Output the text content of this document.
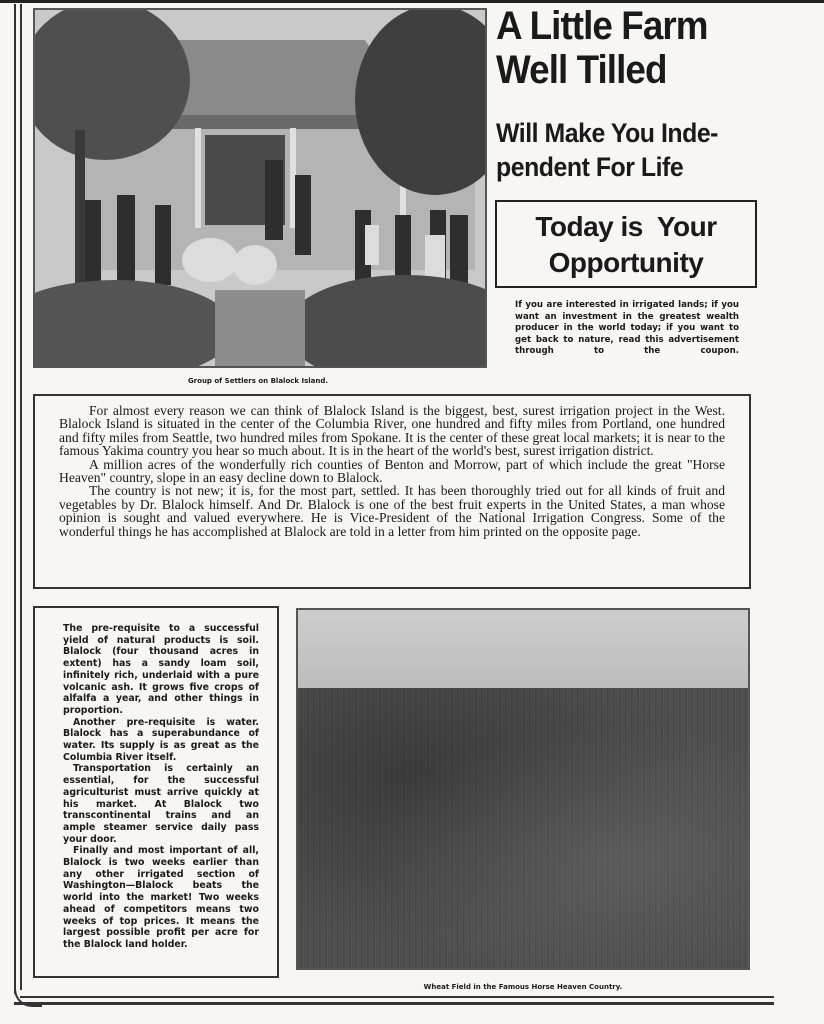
Group of Settlers on Blalock Island.
A Little Farm
Well Tilled
Will Make You Inde-
pendent For Life
Today is  Your
Opportunity
If you are interested in irrigated lands; if you want an investment in the greatest wealth producer in the world today; if you want to get back to nature, read this advertisement through to the coupon.

For almost every reason we can think of Blalock Island is the biggest, best, surest irrigation project in the West. Blalock Island is situated in the center of the Columbia River, one hundred and fifty miles from Portland, one hundred and fifty miles from Seattle, two hundred miles from Spokane. It is the center of these great local markets; it is near to the famous Yakima country you hear so much about. It is in the heart of the world's best, surest irrigation district.

A million acres of the wonderfully rich counties of Benton and Morrow, part of which include the great "Horse Heaven" country, slope in an easy decline down to Blalock.

The country is not new; it is, for the most part, settled. It has been thoroughly tried out for all kinds of fruit and vegetables by Dr. Blalock himself. And Dr. Blalock is one of the best fruit experts in the United States, a man whose opinion is sought and valued everywhere. He is Vice-President of the National Irrigation Congress. Some of the wonderful things he has accomplished at Blalock are told in a letter from him printed on the opposite page.

The pre-requisite to a successful yield of natural products is soil. Blalock (four thousand acres in extent) has a sandy loam soil, infinitely rich, underlaid with a pure volcanic ash. It grows five crops of alfalfa a year, and other things in proportion.

Another pre-requisite is water. Blalock has a superabundance of water. Its supply is as great as the Columbia River itself.

Transportation is certainly an essential, for the successful agriculturist must arrive quickly at his market. At Blalock two transcontinental trains and an ample steamer service daily pass your door.

Finally and most important of all, Blalock is two weeks earlier than any other irrigated section of Washington—Blalock beats the world into the market! Two weeks ahead of competitors means two weeks of top prices. It means the largest possible profit per acre for the Blalock land holder.

Wheat Field in the Famous Horse Heaven Country.
